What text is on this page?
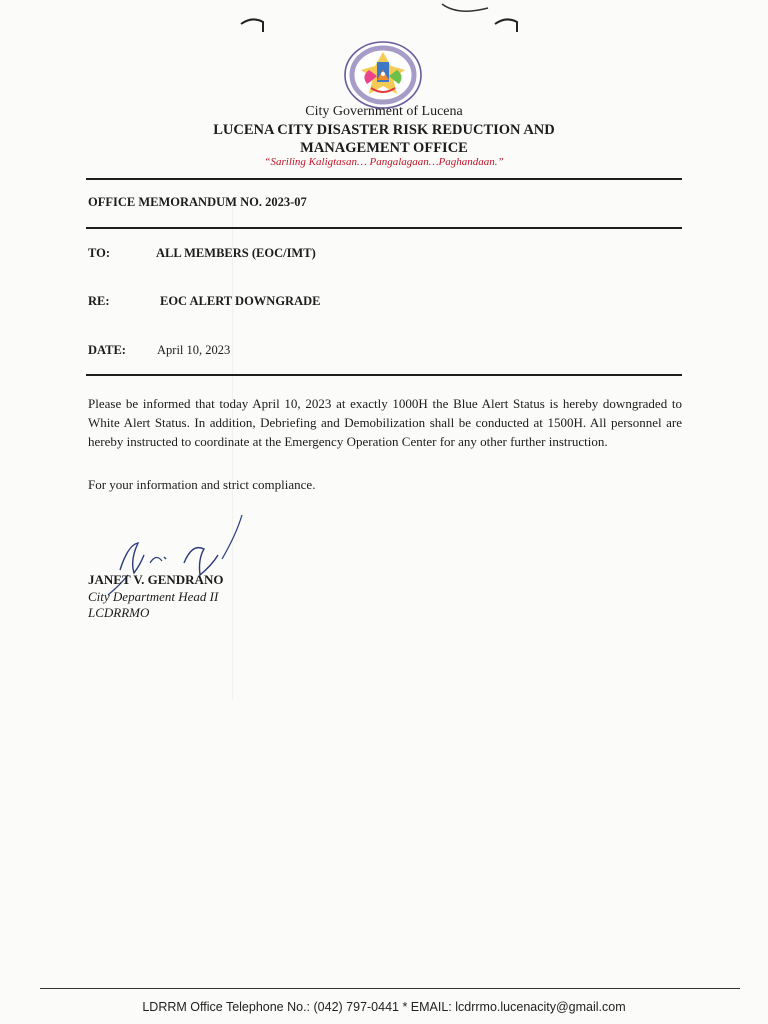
City Government of Lucena
LUCENA CITY DISASTER RISK REDUCTION AND
MANAGEMENT OFFICE
“Sariling Kaligtasan… Pangalagaan…Paghandaan.”
OFFICE MEMORANDUM NO. 2023-07
TO:	ALL MEMBERS (EOC/IMT)
RE:	EOC ALERT DOWNGRADE
DATE: April 10, 2023
Please be informed that today April 10, 2023 at exactly 1000H the Blue Alert Status is hereby downgraded to White Alert Status. In addition, Debriefing and Demobilization shall be conducted at 1500H. All personnel are hereby instructed to coordinate at the Emergency Operation Center for any other further instruction.
For your information and strict compliance.
JANET V. GENDRANO
City Department Head II
LCDRRMO
LDRRM Office Telephone No.: (042) 797-0441 * EMAIL: lcdrrmo.lucenacity@gmail.com
